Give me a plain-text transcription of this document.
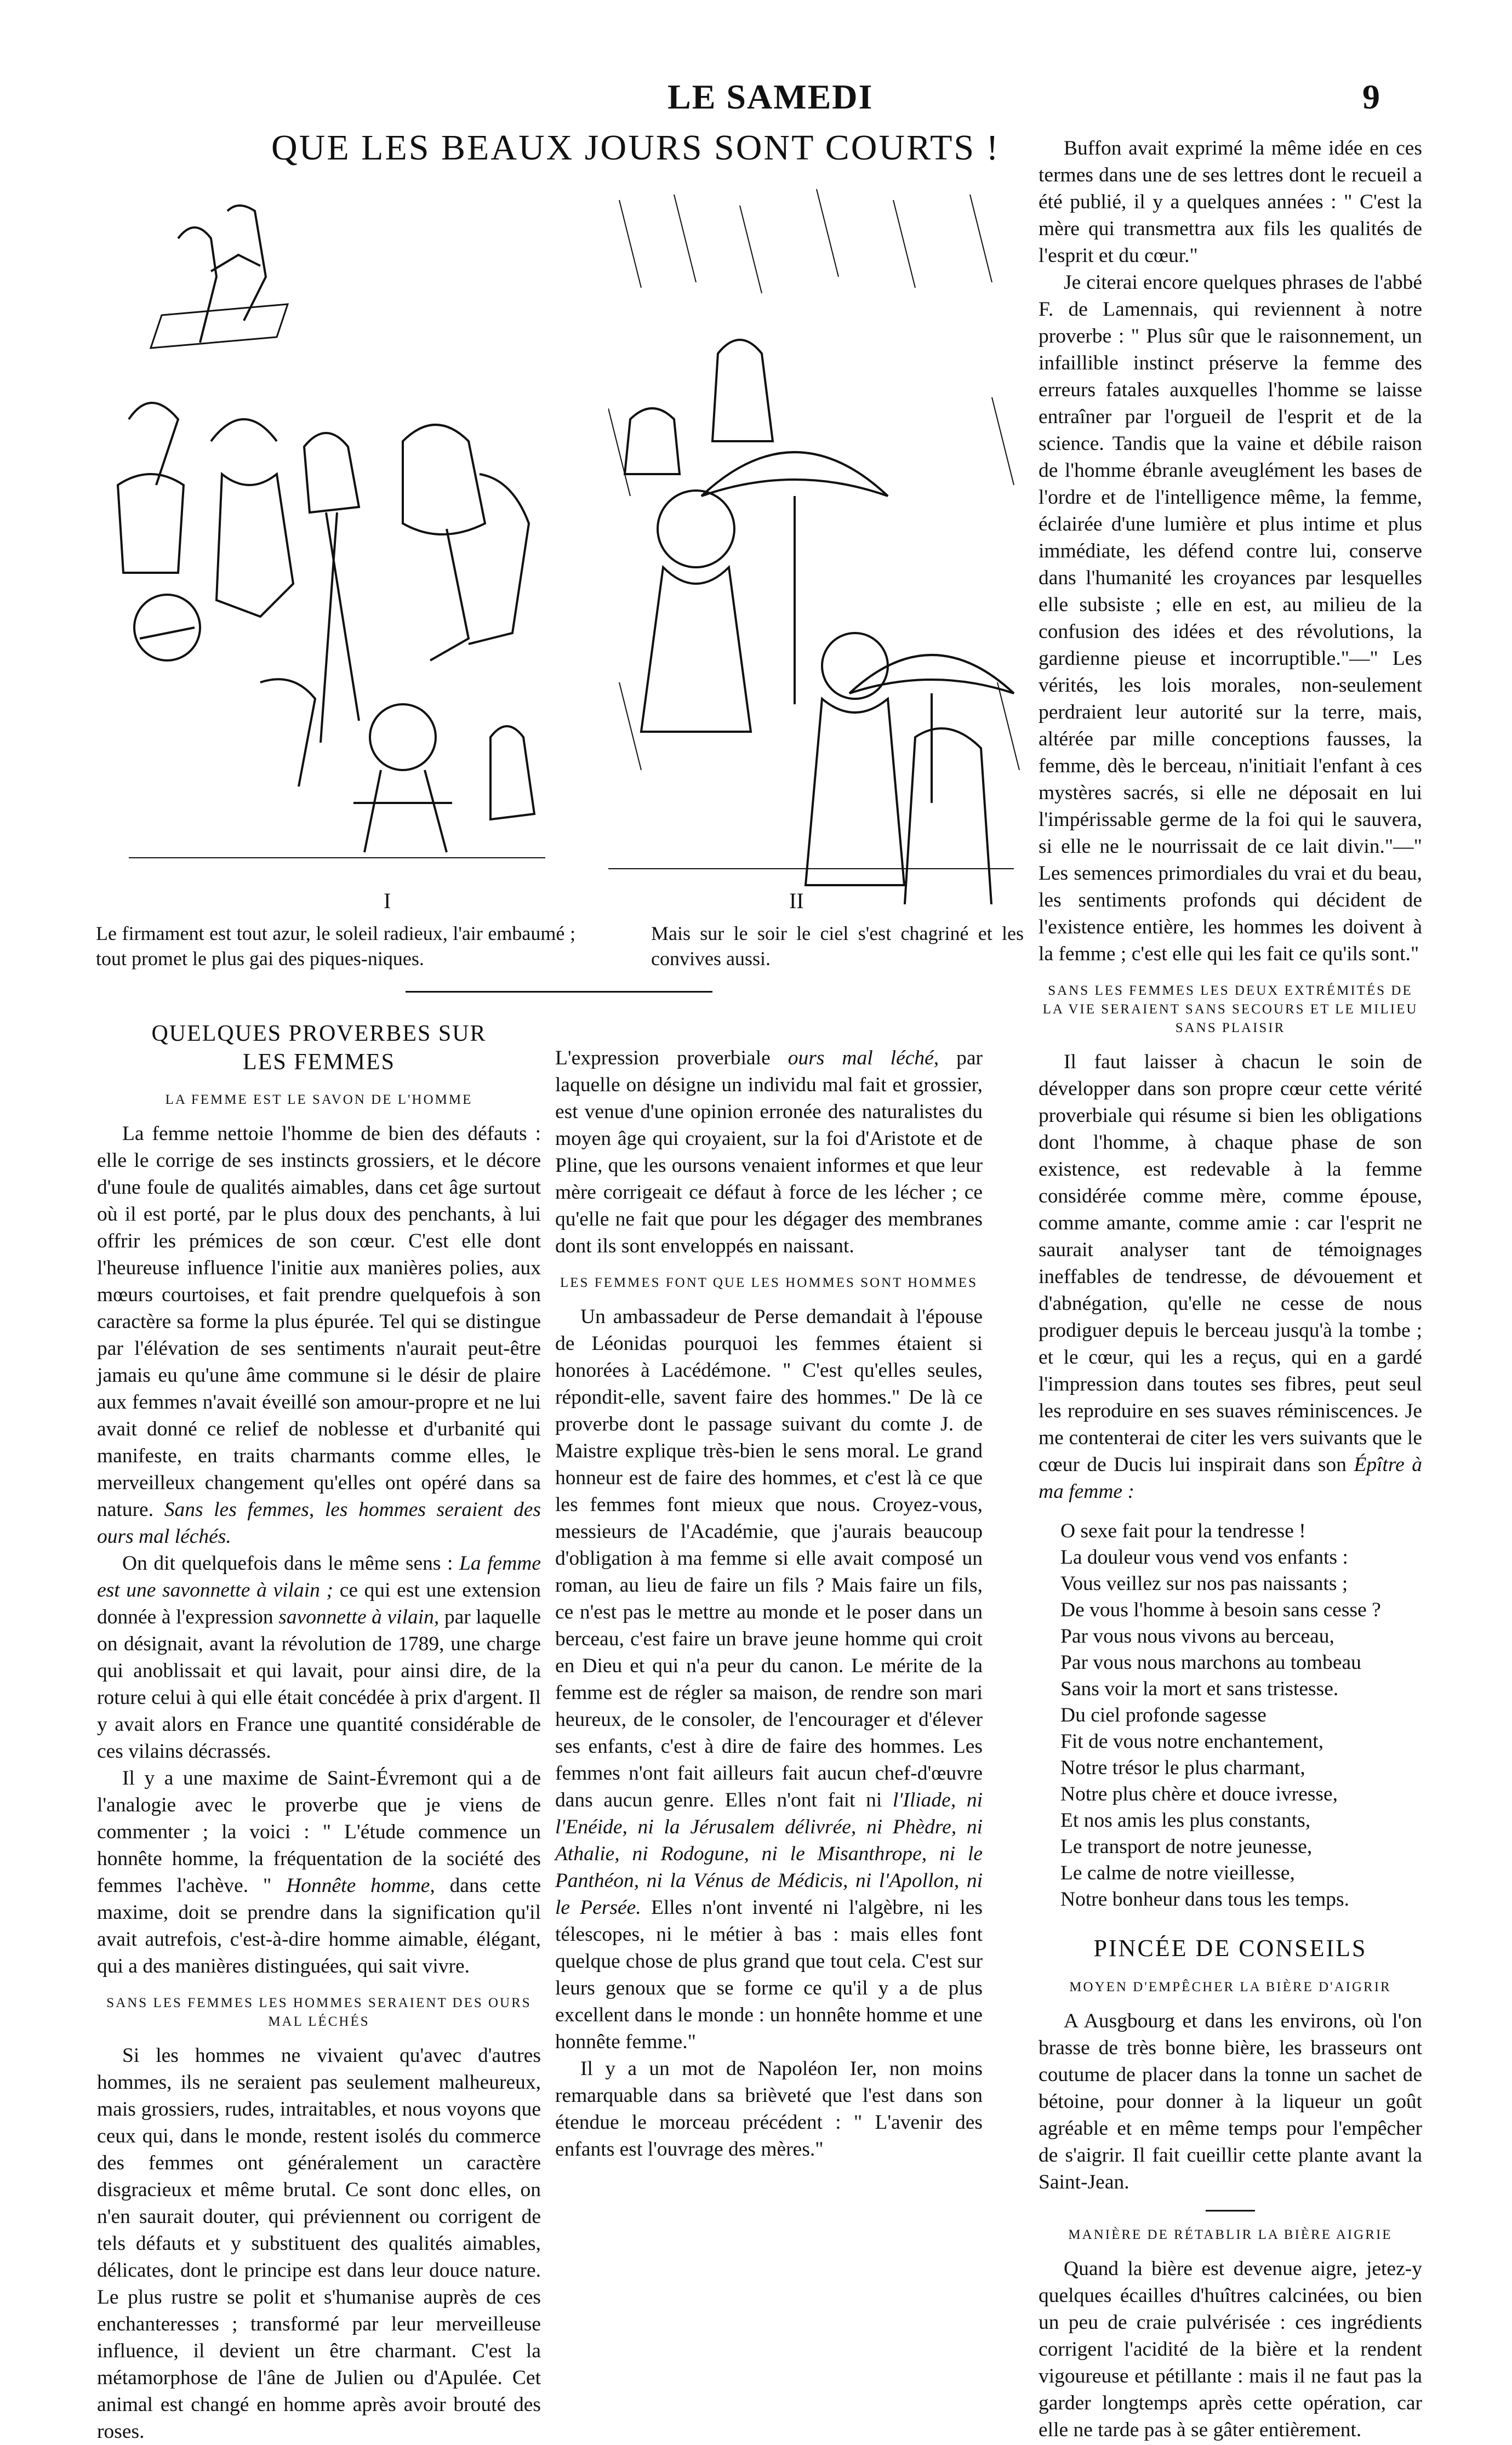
LE SAMEDI	9
QUE LES BEAUX JOURS SONT COURTS !
I	II
Le firmament est tout azur, le soleil radieux, l'air embaumé ; tout promet le plus gai des piques-niques.
Mais sur le soir le ciel s'est chagriné et les convives aussi.
QUELQUES PROVERBES SUR LES FEMMES
LA FEMME EST LE SAVON DE L'HOMME

La femme nettoie l'homme de bien des défauts : elle le corrige de ses instincts grossiers, et le décore d'une foule de qualités aimables, dans cet âge surtout où il est porté, par le plus doux des penchants, à lui offrir les prémices de son cœur. C'est elle dont l'heureuse influence l'initie aux manières polies, aux mœurs courtoises, et fait prendre quelquefois à son caractère sa forme la plus épurée. Tel qui se distingue par l'élévation de ses sentiments n'aurait peut-être jamais eu qu'une âme commune si le désir de plaire aux femmes n'avait éveillé son amour-propre et ne lui avait donné ce relief de noblesse et d'urbanité qui manifeste, en traits charmants comme elles, le merveilleux changement qu'elles ont opéré dans sa nature. Sans les femmes, les hommes seraient des ours mal léchés.

On dit quelquefois dans le même sens : La femme est une savonnette à vilain ; ce qui est une extension donnée à l'expression savonnette à vilain, par laquelle on désignait, avant la révolution de 1789, une charge qui anoblissait et qui lavait, pour ainsi dire, de la roture celui à qui elle était concédée à prix d'argent. Il y avait alors en France une quantité considérable de ces vilains décrassés.

Il y a une maxime de Saint-Évremont qui a de l'analogie avec le proverbe que je viens de commenter ; la voici : " L'étude commence un honnête homme, la fréquentation de la société des femmes l'achève. " Honnête homme, dans cette maxime, doit se prendre dans la signification qu'il avait autrefois, c'est-à-dire homme aimable, élégant, qui a des manières distinguées, qui sait vivre.

SANS LES FEMMES LES HOMMES SERAIENT DES OURS MAL LÉCHÉS

Si les hommes ne vivaient qu'avec d'autres hommes, ils ne seraient pas seulement malheureux, mais grossiers, rudes, intraitables, et nous voyons que ceux qui, dans le monde, restent isolés du commerce des femmes ont généralement un caractère disgracieux et même brutal. Ce sont donc elles, on n'en saurait douter, qui préviennent ou corrigent de tels défauts et y substituent des qualités aimables, délicates, dont le principe est dans leur douce nature. Le plus rustre se polit et s'humanise auprès de ces enchanteresses ; transformé par leur merveilleuse influence, il devient un être charmant. C'est la métamorphose de l'âne de Julien ou d'Apulée. Cet animal est changé en homme après avoir brouté des roses.

L'expression proverbiale ours mal léché, par laquelle on désigne un individu mal fait et grossier, est venue d'une opinion erronée des naturalistes du moyen âge qui croyaient, sur la foi d'Aristote et de Pline, que les oursons venaient informes et que leur mère corrigeait ce défaut à force de les lécher ; ce qu'elle ne fait que pour les dégager des membranes dont ils sont enveloppés en naissant.

LES FEMMES FONT QUE LES HOMMES SONT HOMMES

Un ambassadeur de Perse demandait à l'épouse de Léonidas pourquoi les femmes étaient si honorées à Lacédémone. " C'est qu'elles seules, répondit-elle, savent faire des hommes." De là ce proverbe dont le passage suivant du comte J. de Maistre explique très-bien le sens moral. Le grand honneur est de faire des hommes, et c'est là ce que les femmes font mieux que nous. Croyez-vous, messieurs de l'Académie, que j'aurais beaucoup d'obligation à ma femme si elle avait composé un roman, au lieu de faire un fils ? Mais faire un fils, ce n'est pas le mettre au monde et le poser dans un berceau, c'est faire un brave jeune homme qui croit en Dieu et qui n'a peur du canon. Le mérite de la femme est de régler sa maison, de rendre son mari heureux, de le consoler, de l'encourager et d'élever ses enfants, c'est à dire de faire des hommes. Les femmes n'ont fait ailleurs fait aucun chef-d'œuvre dans aucun genre. Elles n'ont fait ni l'Iliade, ni l'Enéide, ni la Jérusalem délivrée, ni Phèdre, ni Athalie, ni Rodogune, ni le Misanthrope, ni le Panthéon, ni la Vénus de Médicis, ni l'Apollon, ni le Persée. Elles n'ont inventé ni l'algèbre, ni les télescopes, ni le métier à bas : mais elles font quelque chose de plus grand que tout cela. C'est sur leurs genoux que se forme ce qu'il y a de plus excellent dans le monde : un honnête homme et une honnête femme."

Il y a un mot de Napoléon Ier, non moins remarquable dans sa brièveté que l'est dans son étendue le morceau précédent : " L'avenir des enfants est l'ouvrage des mères."

Buffon avait exprimé la même idée en ces termes dans une de ses lettres dont le recueil a été publié, il y a quelques années : " C'est la mère qui transmettra aux fils les qualités de l'esprit et du cœur."

Je citerai encore quelques phrases de l'abbé F. de Lamennais, qui reviennent à notre proverbe : " Plus sûr que le raisonnement, un infaillible instinct préserve la femme des erreurs fatales auxquelles l'homme se laisse entraîner par l'orgueil de l'esprit et de la science. Tandis que la vaine et débile raison de l'homme ébranle aveuglément les bases de l'ordre et de l'intelligence même, la femme, éclairée d'une lumière et plus intime et plus immédiate, les défend contre lui, conserve dans l'humanité les croyances par lesquelles elle subsiste ; elle en est, au milieu de la confusion des idées et des révolutions, la gardienne pieuse et incorruptible."—" Les vérités, les lois morales, non-seulement perdraient leur autorité sur la terre, mais, altérée par mille conceptions fausses, la femme, dès le berceau, n'initiait l'enfant à ces mystères sacrés, si elle ne déposait en lui l'impérissable germe de la foi qui le sauvera, si elle ne le nourrissait de ce lait divin."—" Les semences primordiales du vrai et du beau, les sentiments profonds qui décident de l'existence entière, les hommes les doivent à la femme ; c'est elle qui les fait ce qu'ils sont."

SANS LES FEMMES LES DEUX EXTRÉMITÉS DE LA VIE SERAIENT SANS SECOURS ET LE MILIEU SANS PLAISIR

Il faut laisser à chacun le soin de développer dans son propre cœur cette vérité proverbiale qui résume si bien les obligations dont l'homme, à chaque phase de son existence, est redevable à la femme considérée comme mère, comme épouse, comme amante, comme amie : car l'esprit ne saurait analyser tant de témoignages ineffables de tendresse, de dévouement et d'abnégation, qu'elle ne cesse de nous prodiguer depuis le berceau jusqu'à la tombe ; et le cœur, qui les a reçus, qui en a gardé l'impression dans toutes ses fibres, peut seul les reproduire en ses suaves réminiscences. Je me contenterai de citer les vers suivants que le cœur de Ducis lui inspirait dans son Épître à ma femme :

O sexe fait pour la tendresse !
La douleur vous vend vos enfants :
Vous veillez sur nos pas naissants ;
De vous l'homme à besoin sans cesse ?
Par vous nous vivons au berceau,
Par vous nous marchons au tombeau
Sans voir la mort et sans tristesse.
Du ciel profonde sagesse
Fit de vous notre enchantement,
Notre trésor le plus charmant,
Notre plus chère et douce ivresse,
Et nos amis les plus constants,
Le transport de notre jeunesse,
Le calme de notre vieillesse,
Notre bonheur dans tous les temps.
PINCÉE DE CONSEILS
MOYEN D'EMPÊCHER LA BIÈRE D'AIGRIR

A Ausgbourg et dans les environs, où l'on brasse de très bonne bière, les brasseurs ont coutume de placer dans la tonne un sachet de bétoine, pour donner à la liqueur un goût agréable et en même temps pour l'empêcher de s'aigrir. Il fait cueillir cette plante avant la Saint-Jean.

MANIÈRE DE RÉTABLIR LA BIÈRE AIGRIE

Quand la bière est devenue aigre, jetez-y quelques écailles d'huîtres calcinées, ou bien un peu de craie pulvérisée : ces ingrédients corrigent l'acidité de la bière et la rendent vigoureuse et pétillante : mais il ne faut pas la garder longtemps après cette opération, car elle ne tarde pas à se gâter entièrement.
